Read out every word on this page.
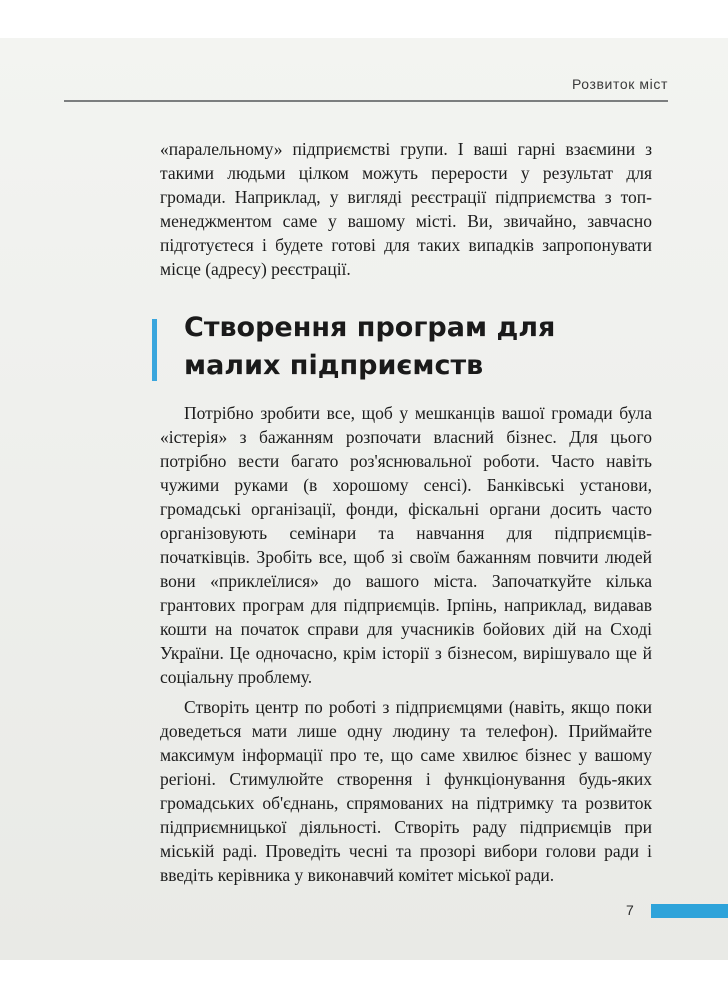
Розвиток міст

«паралельному» підприємстві групи. І ваші гарні взаємини з такими людьми цілком можуть перерости у результат для громади. Наприклад, у вигляді реєстрації підприємства з топ-менеджментом саме у вашому місті. Ви, звичайно, завчасно підготуєтеся і будете готові для таких випадків запропонувати місце (адресу) реєстрації.

Створення програм для
малих підприємств

Потрібно зробити все, щоб у мешканців вашої громади була «істерія» з бажанням розпочати власний бізнес. Для цього потрібно вести багато роз'яснювальної роботи. Часто навіть чужими руками (в хорошому сенсі). Банківські установи, громадські організації, фонди, фіскальні органи досить часто організовують семінари та навчання для підприємців-початківців. Зробіть все, щоб зі своїм бажанням повчити людей вони «приклеїлися» до вашого міста. Започаткуйте кілька грантових програм для підприємців. Ірпінь, наприклад, видавав кошти на початок справи для учасників бойових дій на Сході України. Це одночасно, крім історії з бізнесом, вирішувало ще й соціальну проблему.

Створіть центр по роботі з підприємцями (навіть, якщо поки доведеться мати лише одну людину та телефон). Приймайте максимум інформації про те, що саме хвилює бізнес у вашому регіоні. Стимулюйте створення і функціонування будь-яких громадських об'єднань, спрямованих на підтримку та розвиток підприємницької діяльності. Створіть раду підприємців при міській раді. Проведіть чесні та прозорі вибори голови ради і введіть керівника у виконавчий комітет міської ради.

7
